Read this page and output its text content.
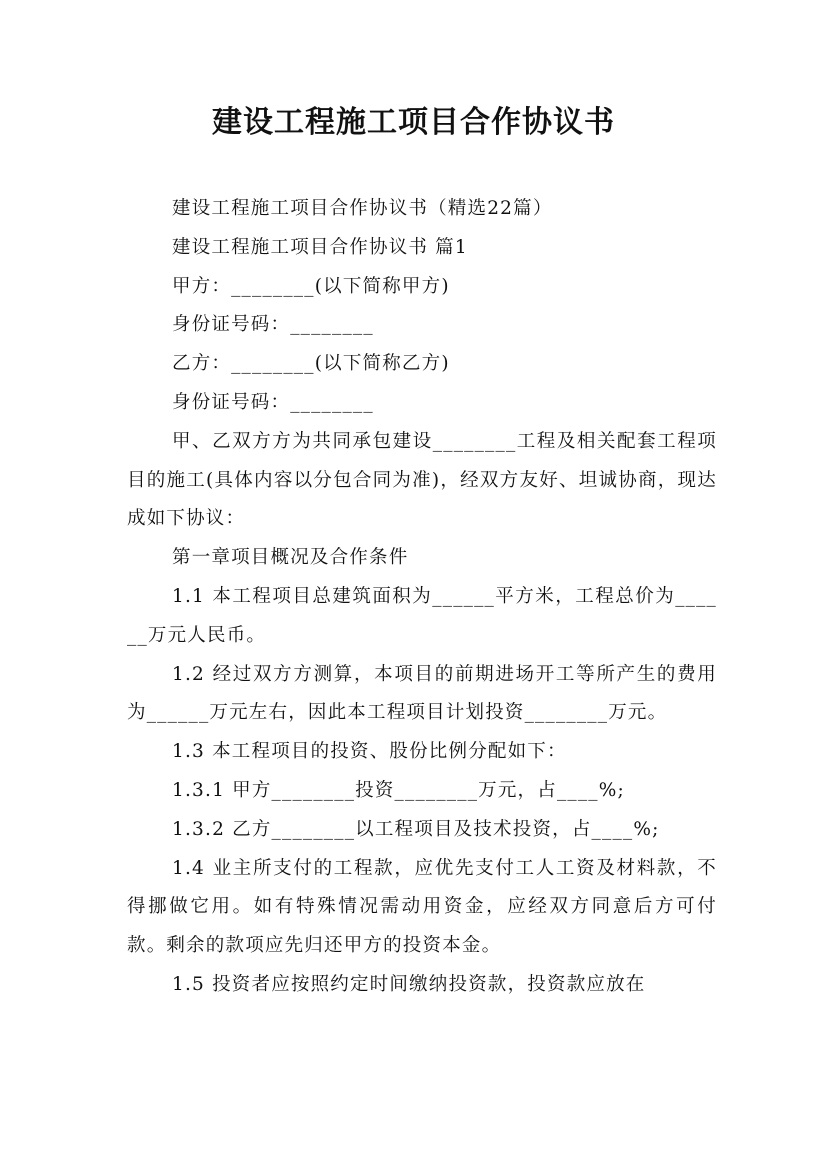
建设工程施工项目合作协议书

建设工程施工项目合作协议书（精选22篇）

建设工程施工项目合作协议书 篇1

甲方：________(以下简称甲方)

身份证号码：________

乙方：________(以下简称乙方)

身份证号码：________

甲、乙双方方为共同承包建设________工程及相关配套工程项目的施工(具体内容以分包合同为准)，经双方友好、坦诚协商，现达成如下协议：

第一章项目概况及合作条件

1.1 本工程项目总建筑面积为______平方米，工程总价为______万元人民币。

1.2 经过双方方测算，本项目的前期进场开工等所产生的费用为______万元左右，因此本工程项目计划投资________万元。

1.3 本工程项目的投资、股份比例分配如下：

1.3.1 甲方________投资________万元，占____%;

1.3.2 乙方________以工程项目及技术投资，占____%;

1.4 业主所支付的工程款，应优先支付工人工资及材料款，不得挪做它用。如有特殊情况需动用资金，应经双方同意后方可付款。剩余的款项应先归还甲方的投资本金。

1.5 投资者应按照约定时间缴纳投资款，投资款应放在
